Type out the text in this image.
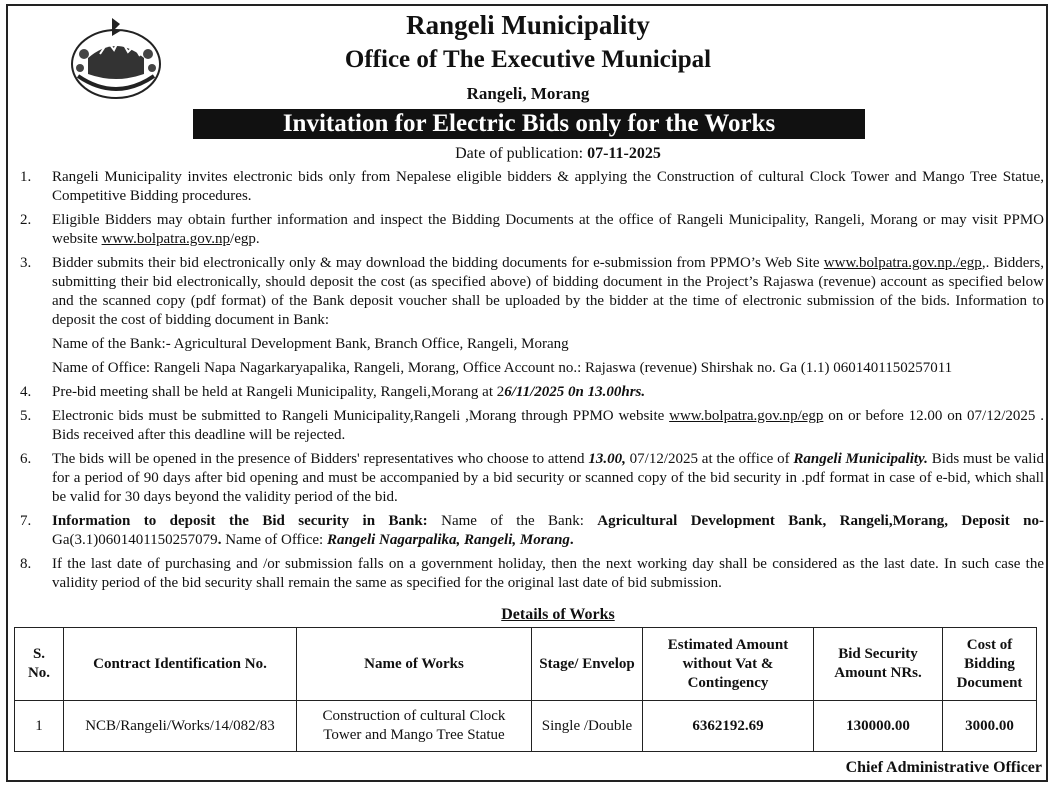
Rangeli Municipality
Office of The Executive Municipal
Rangeli, Morang
Invitation for Electric Bids only for the Works
Date of publication: 07-11-2025
1. Rangeli Municipality invites electronic bids only from Nepalese eligible bidders & applying the Construction of cultural Clock Tower and Mango Tree Statue, Competitive Bidding procedures.
2. Eligible Bidders may obtain further information and inspect the Bidding Documents at the office of Rangeli Municipality, Rangeli, Morang or may visit PPMO website www.bolpatra.gov.np/egp.
3. Bidder submits their bid electronically only & may download the bidding documents for e-submission from PPMO’s Web Site www.bolpatra.gov.np./egp,. Bidders, submitting their bid electronically, should deposit the cost (as specified above) of bidding document in the Project’s Rajaswa (revenue) account as specified below and the scanned copy (pdf format) of the Bank deposit voucher shall be uploaded by the bidder at the time of electronic submission of the bids. Information to deposit the cost of bidding document in Bank:
Name of the Bank:- Agricultural Development Bank, Branch Office, Rangeli, Morang
Name of Office: Rangeli Napa Nagarkaryapalika, Rangeli, Morang, Office Account no.: Rajaswa (revenue) Shirshak no. Ga (1.1) 0601401150257011
4. Pre-bid meeting shall be held at Rangeli Municipality, Rangeli,Morang at 26/11/2025 0n 13.00hrs.
5. Electronic bids must be submitted to Rangeli Municipality,Rangeli ,Morang through PPMO website www.bolpatra.gov.np/egp on or before 12.00 on 07/12/2025 . Bids received after this deadline will be rejected.
6. The bids will be opened in the presence of Bidders' representatives who choose to attend 13.00, 07/12/2025 at the office of Rangeli Municipality. Bids must be valid for a period of 90 days after bid opening and must be accompanied by a bid security or scanned copy of the bid security in .pdf format in case of e-bid, which shall be valid for 30 days beyond the validity period of the bid.
7. Information to deposit the Bid security in Bank: Name of the Bank: Agricultural Development Bank, Rangeli,Morang, Deposit no-Ga(3.1)0601401150257079. Name of Office: Rangeli Nagarpalika, Rangeli, Morang.
8. If the last date of purchasing and /or submission falls on a government holiday, then the next working day shall be considered as the last date. In such case the validity period of the bid security shall remain the same as specified for the original last date of bid submission.
Details of Works
S. No.	Contract Identification No.	Name of Works	Stage/ Envelop	Estimated Amount without Vat & Contingency	Bid Security Amount NRs.	Cost of Bidding Document
1	NCB/Rangeli/Works/14/082/83	Construction of cultural Clock Tower and Mango Tree Statue	Single /Double	6362192.69	130000.00	3000.00
Chief Administrative Officer
